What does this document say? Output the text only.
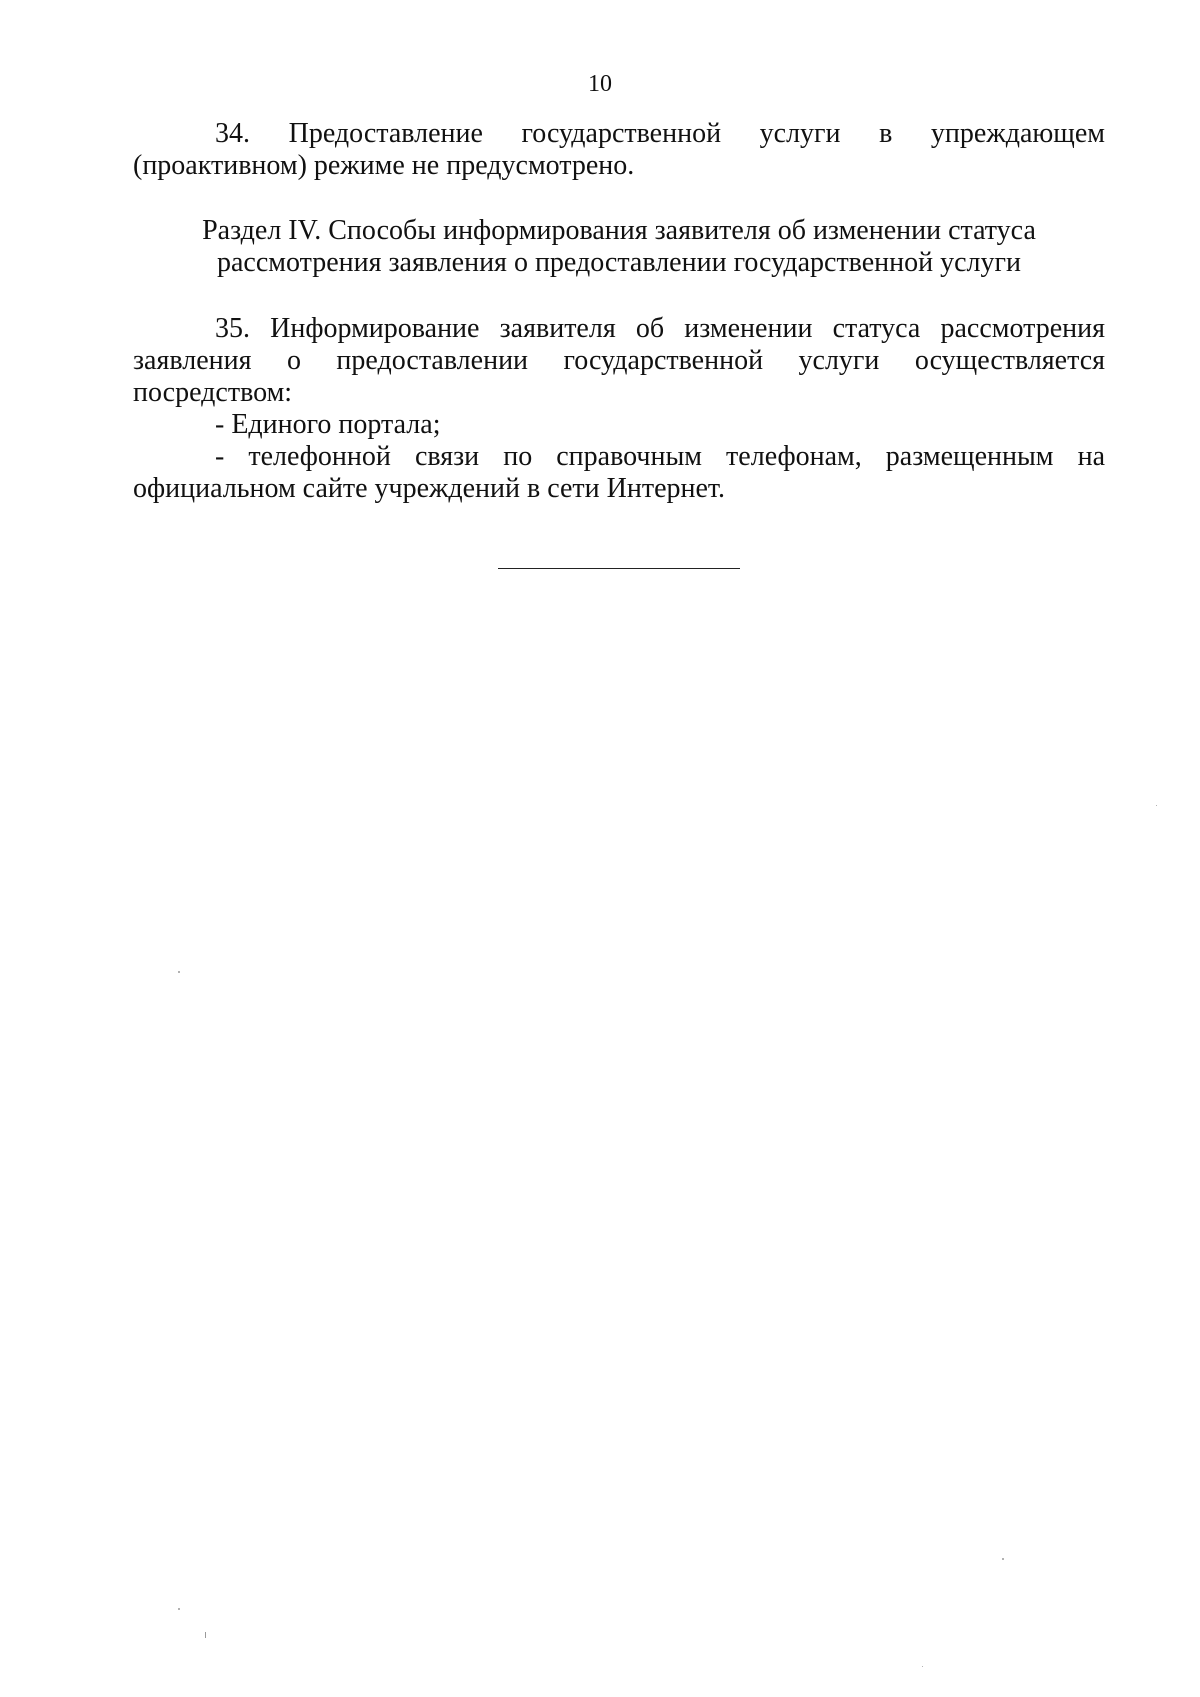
10

34. Предоставление государственной услуги в упреждающем (проактивном) режиме не предусмотрено.

Раздел IV. Способы информирования заявителя об изменении статуса
рассмотрения заявления о предоставлении государственной услуги

35. Информирование заявителя об изменении статуса рассмотрения заявления о предоставлении государственной услуги осуществляется посредством:

- Единого портала;

- телефонной связи по справочным телефонам, размещенным на официальном сайте учреждений в сети Интернет.
